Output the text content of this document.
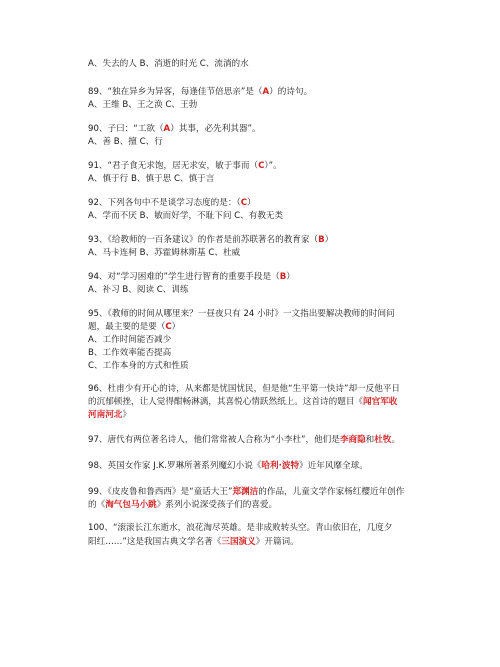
A、失去的人 B、消逝的时光 C、流淌的水
89、“独在异乡为异客，每逢佳节倍思亲”是（A）的诗句。
A、王维 B、王之涣 C、王勃
90、子曰：“工欲（A）其事，必先利其器”。
A、善 B、擅 C、行
91、“君子食无求饱，居无求安，敏于事而（C）”。
A、慎于行 B、慎于思 C、慎于言
92、下列各句中不是谈学习态度的是：（C）
A、学而不厌 B、敏而好学，不耻下问 C、有教无类
93、《给教师的一百条建议》的作者是前苏联著名的教育家（B）
A、马卡连柯 B、苏霍姆林斯基 C、杜威
94、对“学习困难的”学生进行智育的重要手段是（B）
A、补习 B、阅读 C、训练
95、《教师的时间从哪里来？一昼夜只有 24 小时》一文指出要解决教师的时间问
题，最主要的是要（C）
A、工作时间能否减少
B、工作效率能否提高
C、工作本身的方式和性质
96、杜甫少有开心的诗，从来都是忧国忧民，但是他“生平第一快诗”却一反他平日
的沉郁顿挫，让人觉得酣畅淋漓，其喜悦心情跃然纸上。这首诗的题目《闻官军收
河南河北》
97、唐代有两位著名诗人，他们常常被人合称为“小李杜”，他们是李商隐和杜牧。
98、英国女作家 J.K.罗琳所著系列魔幻小说《哈利·波特》近年风靡全球。
99、《皮皮鲁和鲁西西》是“童话大王”郑渊洁的作品，儿童文学作家杨红樱近年创作
的《淘气包马小跳》系列小说深受孩子们的喜爱。
100、“滚滚长江东逝水，浪花淘尽英雄。是非成败转头空。青山依旧在，几度夕
阳红……”这是我国古典文学名著《三国演义》开篇词。
